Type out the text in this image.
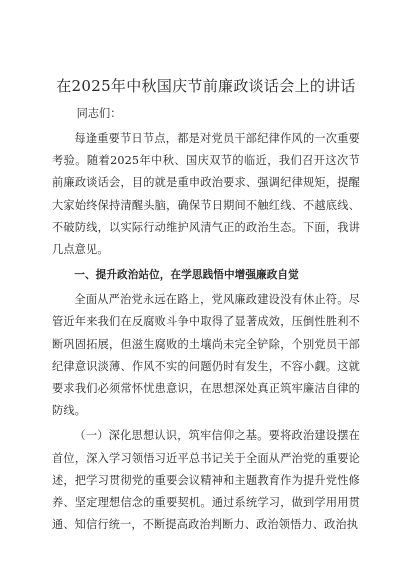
在2025年中秋国庆节前廉政谈话会上的讲话

同志们：

每逢重要节日节点，都是对党员干部纪律作风的一次重要考验。随着2025年中秋、国庆双节的临近，我们召开这次节前廉政谈话会，目的就是重申政治要求、强调纪律规矩，提醒大家始终保持清醒头脑，确保节日期间不触红线、不越底线、不破防线，以实际行动维护风清气正的政治生态。下面，我讲几点意见。

一、提升政治站位，在学思践悟中增强廉政自觉

全面从严治党永远在路上，党风廉政建设没有休止符。尽管近年来我们在反腐败斗争中取得了显著成效，压倒性胜利不断巩固拓展，但滋生腐败的土壤尚未完全铲除，个别党员干部纪律意识淡薄、作风不实的问题仍时有发生，不容小觑。这就要求我们必须常怀忧患意识，在思想深处真正筑牢廉洁自律的防线。

（一）深化思想认识，筑牢信仰之基。要将政治建设摆在首位，深入学习领悟习近平总书记关于全面从严治党的重要论述，把学习贯彻党的重要会议精神和主题教育作为提升党性修养、坚定理想信念的重要契机。通过系统学习，做到学用用贯通、知信行统一，不断提高政治判断力、政治领悟力、政治执
